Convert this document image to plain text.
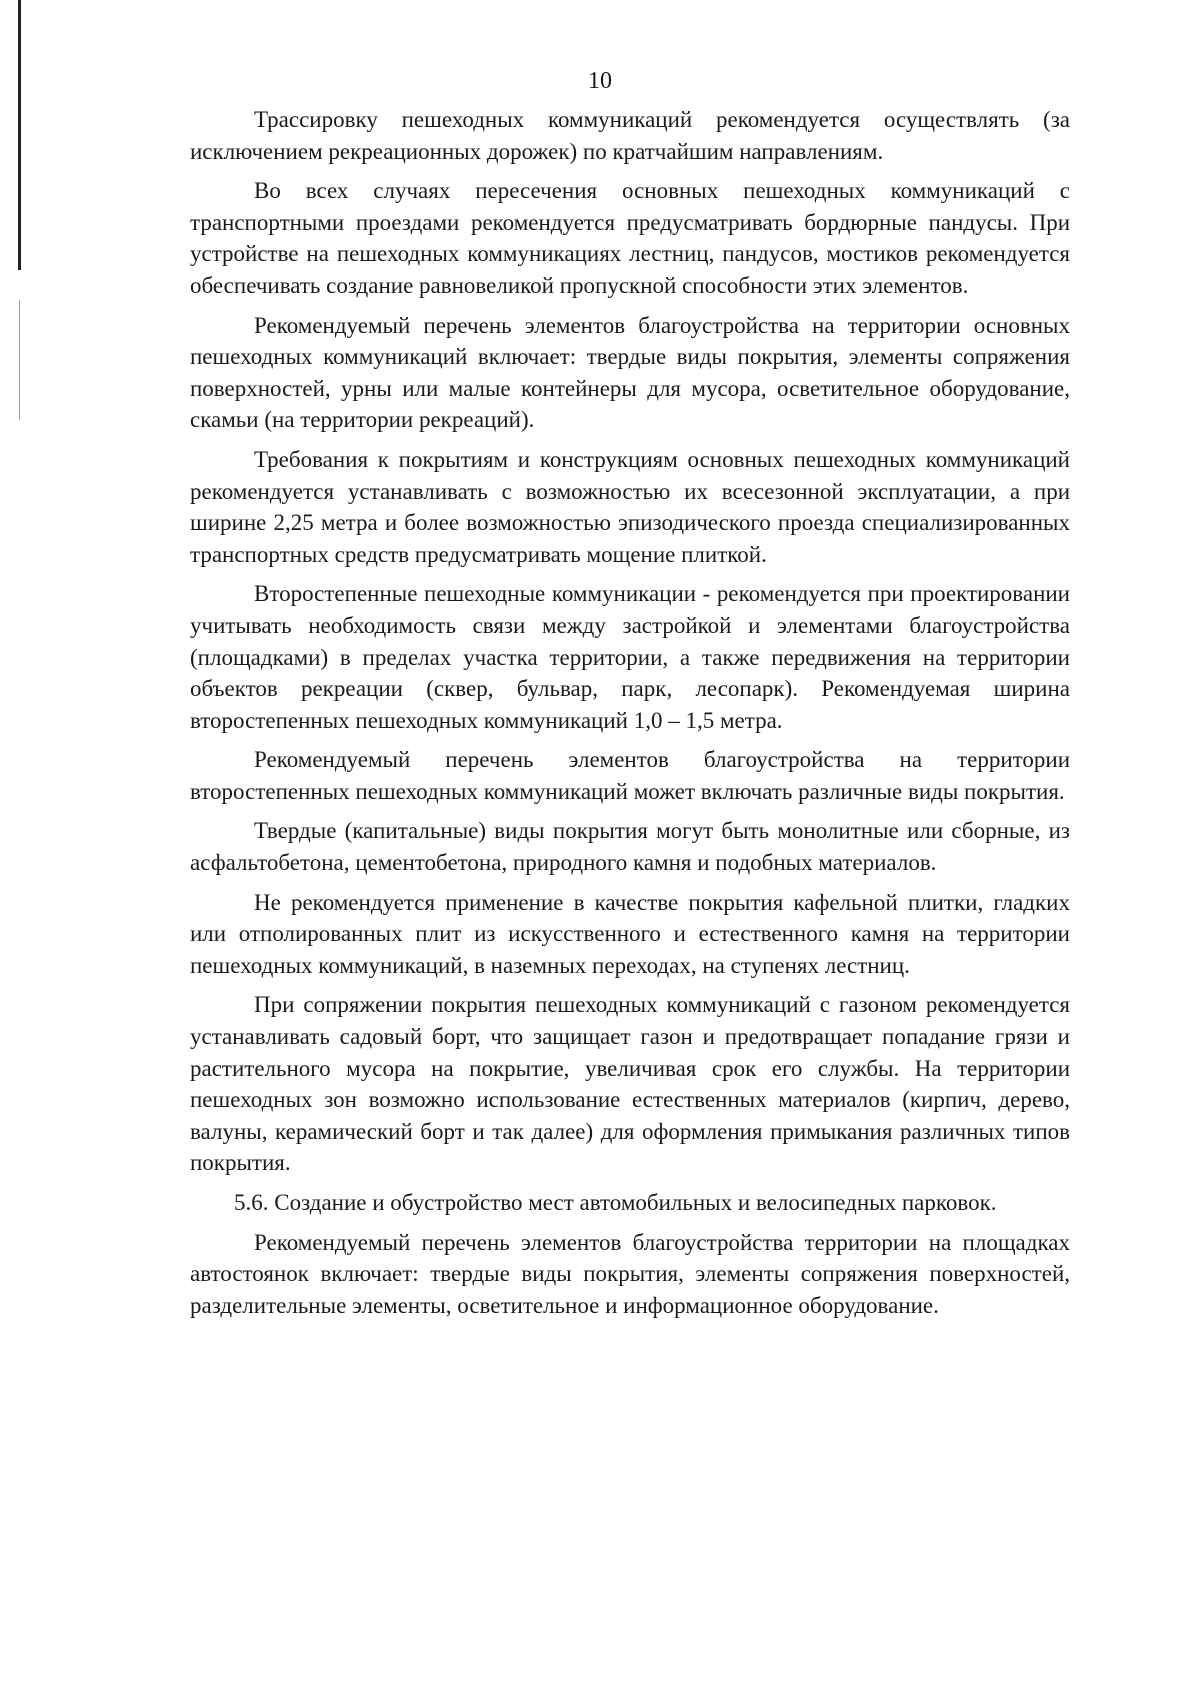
10

Трассировку пешеходных коммуникаций рекомендуется осуществлять (за исключением рекреационных дорожек) по кратчайшим направлениям.

Во всех случаях пересечения основных пешеходных коммуникаций с транспортными проездами рекомендуется предусматривать бордюрные пандусы. При устройстве на пешеходных коммуникациях лестниц, пандусов, мостиков рекомендуется обеспечивать создание равновеликой пропускной способности этих элементов.

Рекомендуемый перечень элементов благоустройства на территории основных пешеходных коммуникаций включает: твердые виды покрытия, элементы сопряжения поверхностей, урны или малые контейнеры для мусора, осветительное оборудование, скамьи (на территории рекреаций).

Требования к покрытиям и конструкциям основных пешеходных коммуникаций рекомендуется устанавливать с возможностью их всесезонной эксплуатации, а при ширине 2,25 метра и более возможностью эпизодического проезда специализированных транспортных средств предусматривать мощение плиткой.

Второстепенные пешеходные коммуникации - рекомендуется при проектировании учитывать необходимость связи между застройкой и элементами благоустройства (площадками) в пределах участка территории, а также передвижения на территории объектов рекреации (сквер, бульвар, парк, лесопарк). Рекомендуемая ширина второстепенных пешеходных коммуникаций 1,0 – 1,5 метра.

Рекомендуемый перечень элементов благоустройства на территории второстепенных пешеходных коммуникаций может включать различные виды покрытия.

Твердые (капитальные) виды покрытия могут быть монолитные или сборные, из асфальтобетона, цементобетона, природного камня и подобных материалов.

Не рекомендуется применение в качестве покрытия кафельной плитки, гладких или отполированных плит из искусственного и естественного камня на территории пешеходных коммуникаций, в наземных переходах, на ступенях лестниц.

При сопряжении покрытия пешеходных коммуникаций с газоном рекомендуется устанавливать садовый борт, что защищает газон и предотвращает попадание грязи и растительного мусора на покрытие, увеличивая срок его службы. На территории пешеходных зон возможно использование естественных материалов (кирпич, дерево, валуны, керамический борт и так далее) для оформления примыкания различных типов покрытия.

5.6. Создание и обустройство мест автомобильных и велосипедных парковок.

Рекомендуемый перечень элементов благоустройства территории на площадках автостоянок включает: твердые виды покрытия, элементы сопряжения поверхностей, разделительные элементы, осветительное и информационное оборудование.
